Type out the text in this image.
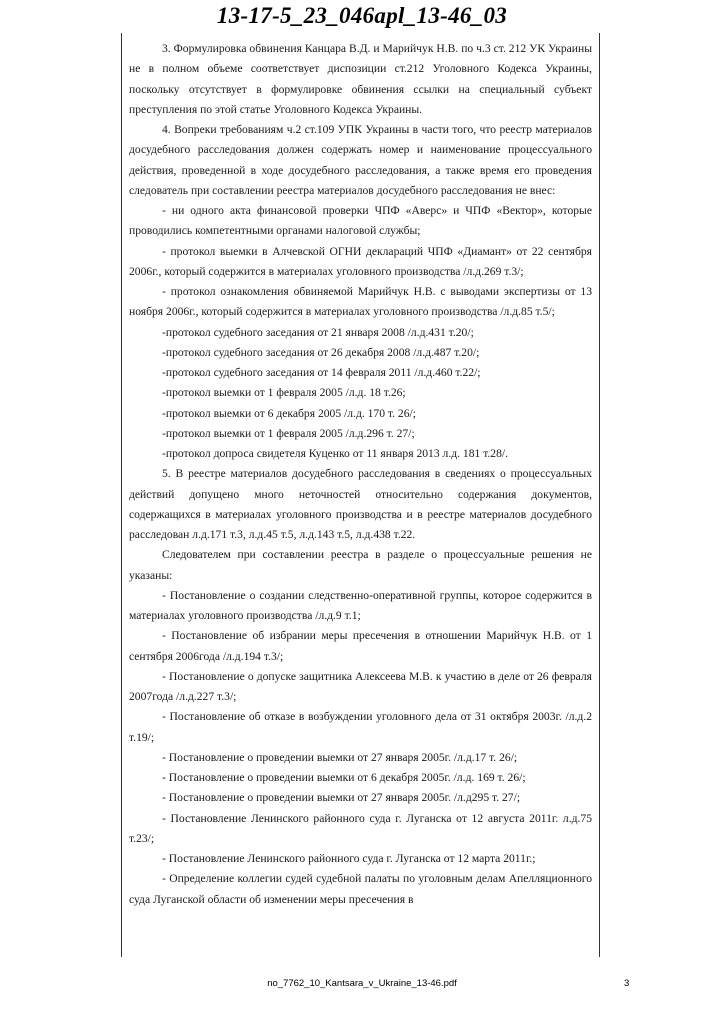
13-17-5_23_046apl_13-46_03

3. Формулировка обвинения Канцара В.Д. и Марийчук Н.В. по ч.3 ст. 212 УК Украины не в полном объеме соответствует диспозиции ст.212 Уголовного Кодекса Украины, поскольку отсутствует в формулировке обвинения ссылки на специальный субъект преступления по этой статье Уголовного Кодекса Украины.

4. Вопреки требованиям ч.2 ст.109 УПК Украины в части того, что реестр материалов досудебного расследования должен содержать номер и наименование процессуального действия, проведенной в ходе досудебного расследования, а также время его проведения следователь при составлении реестра материалов досудебного расследования не внес:

- ни одного акта финансовой проверки ЧПФ «Аверс» и ЧПФ «Вектор», которые проводились компетентными органами налоговой службы;

- протокол выемки в Алчевской ОГНИ деклараций ЧПФ «Диамант» от 22 сентября 2006г., который содержится в материалах уголовного производства /л.д.269 т.3/;

- протокол ознакомления обвиняемой Марийчук Н.В. с выводами экспертизы от 13 ноября 2006г., который содержится в материалах уголовного производства /л.д.85 т.5/;

-протокол судебного заседания от 21 января 2008 /л.д.431 т.20/;

-протокол судебного заседания от 26 декабря 2008 /л.д.487 т.20/;

-протокол судебного заседания от 14 февраля 2011 /л.д.460 т.22/;

-протокол выемки от 1 февраля 2005 /л.д. 18 т.26;

-протокол выемки от 6 декабря 2005 /л.д. 170 т. 26/;

-протокол выемки от 1 февраля 2005 /л.д.296 т. 27/;

-протокол допроса свидетеля Куценко от 11 января 2013 л.д. 181 т.28/.

5. В реестре материалов досудебного расследования в сведениях о процессуальных действий допущено много неточностей относительно содержания документов, содержащихся в материалах уголовного производства и в реестре материалов досудебного расследован л.д.171 т.3, л.д.45 т.5, л.д.143 т.5, л.д.438 т.22.

Следователем при составлении реестра в разделе о процессуальные решения не указаны:

- Постановление о создании следственно-оперативной группы, которое содержится в материалах уголовного производства /л.д.9 т.1;

- Постановление об избрании меры пресечения в отношении Марийчук Н.В. от 1 сентября 2006года /л.д.194 т.3/;

- Постановление о допуске защитника Алексеева М.В. к участию в деле от 26 февраля 2007года /л.д.227 т.3/;

- Постановление об отказе в возбуждении уголовного дела от 31 октября 2003г. /л.д.2 т.19/;

- Постановление о проведении выемки от 27 января 2005г. /л.д.17 т. 26/;

- Постановление о проведении выемки от 6 декабря 2005г. /л.д. 169 т. 26/;

- Постановление о проведении выемки от 27 января 2005г. /л.д295 т. 27/;

- Постановление Ленинского районного суда г. Луганска от 12 августа 2011г. л.д.75 т.23/;

- Постановление Ленинского районного суда г. Луганска от 12 марта 2011г.;

- Определение коллегии судей судебной палаты по уголовным делам Апелляционного суда Луганской области об изменении меры пресечения в

no_7762_10_Kantsara_v_Ukraine_13-46.pdf	3
